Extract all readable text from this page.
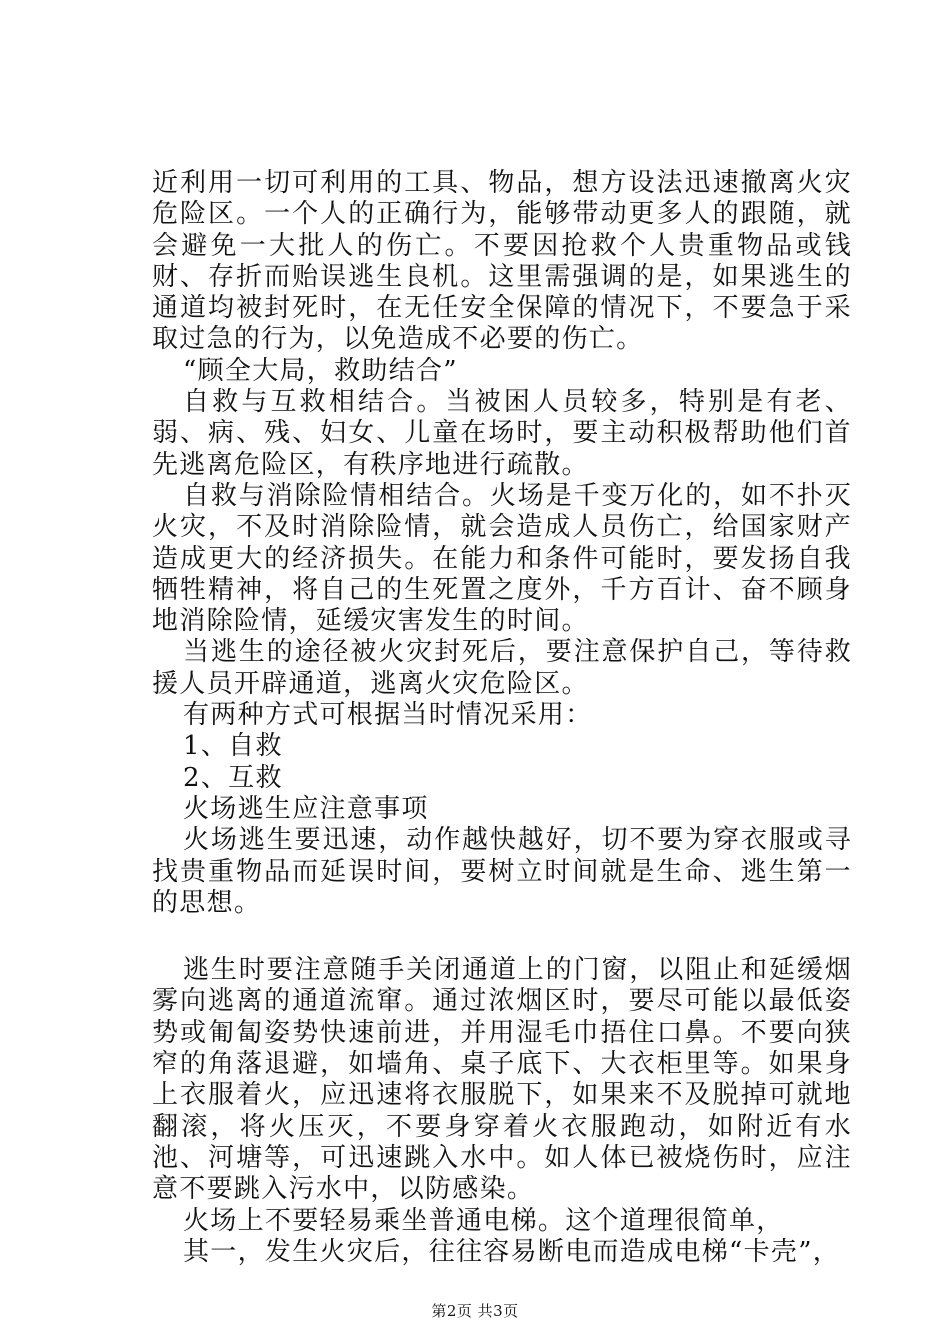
近利用一切可利用的工具、物品，想方设法迅速撤离火灾危险区。一个人的正确行为，能够带动更多人的跟随，就会避免一大批人的伤亡。不要因抢救个人贵重物品或钱财、存折而贻误逃生良机。这里需强调的是，如果逃生的通道均被封死时，在无任安全保障的情况下，不要急于采取过急的行为，以免造成不必要的伤亡。

“顾全大局，救助结合”

自救与互救相结合。当被困人员较多，特别是有老、弱、病、残、妇女、儿童在场时，要主动积极帮助他们首先逃离危险区，有秩序地进行疏散。

自救与消除险情相结合。火场是千变万化的，如不扑灭火灾，不及时消除险情，就会造成人员伤亡，给国家财产造成更大的经济损失。在能力和条件可能时，要发扬自我牺牲精神，将自己的生死置之度外，千方百计、奋不顾身地消除险情，延缓灾害发生的时间。

当逃生的途径被火灾封死后，要注意保护自己，等待救援人员开辟通道，逃离火灾危险区。

有两种方式可根据当时情况采用：

1、自救

2、互救

火场逃生应注意事项

火场逃生要迅速，动作越快越好，切不要为穿衣服或寻找贵重物品而延误时间，要树立时间就是生命、逃生第一的思想。

逃生时要注意随手关闭通道上的门窗，以阻止和延缓烟雾向逃离的通道流窜。通过浓烟区时，要尽可能以最低姿势或匍匐姿势快速前进，并用湿毛巾捂住口鼻。不要向狭窄的角落退避，如墙角、桌子底下、大衣柜里等。如果身上衣服着火，应迅速将衣服脱下，如果来不及脱掉可就地翻滚，将火压灭，不要身穿着火衣服跑动，如附近有水池、河塘等，可迅速跳入水中。如人体已被烧伤时，应注意不要跳入污水中，以防感染。

火场上不要轻易乘坐普通电梯。这个道理很简单，

其一，发生火灾后，往往容易断电而造成电梯“卡壳”，

第2页 共3页
